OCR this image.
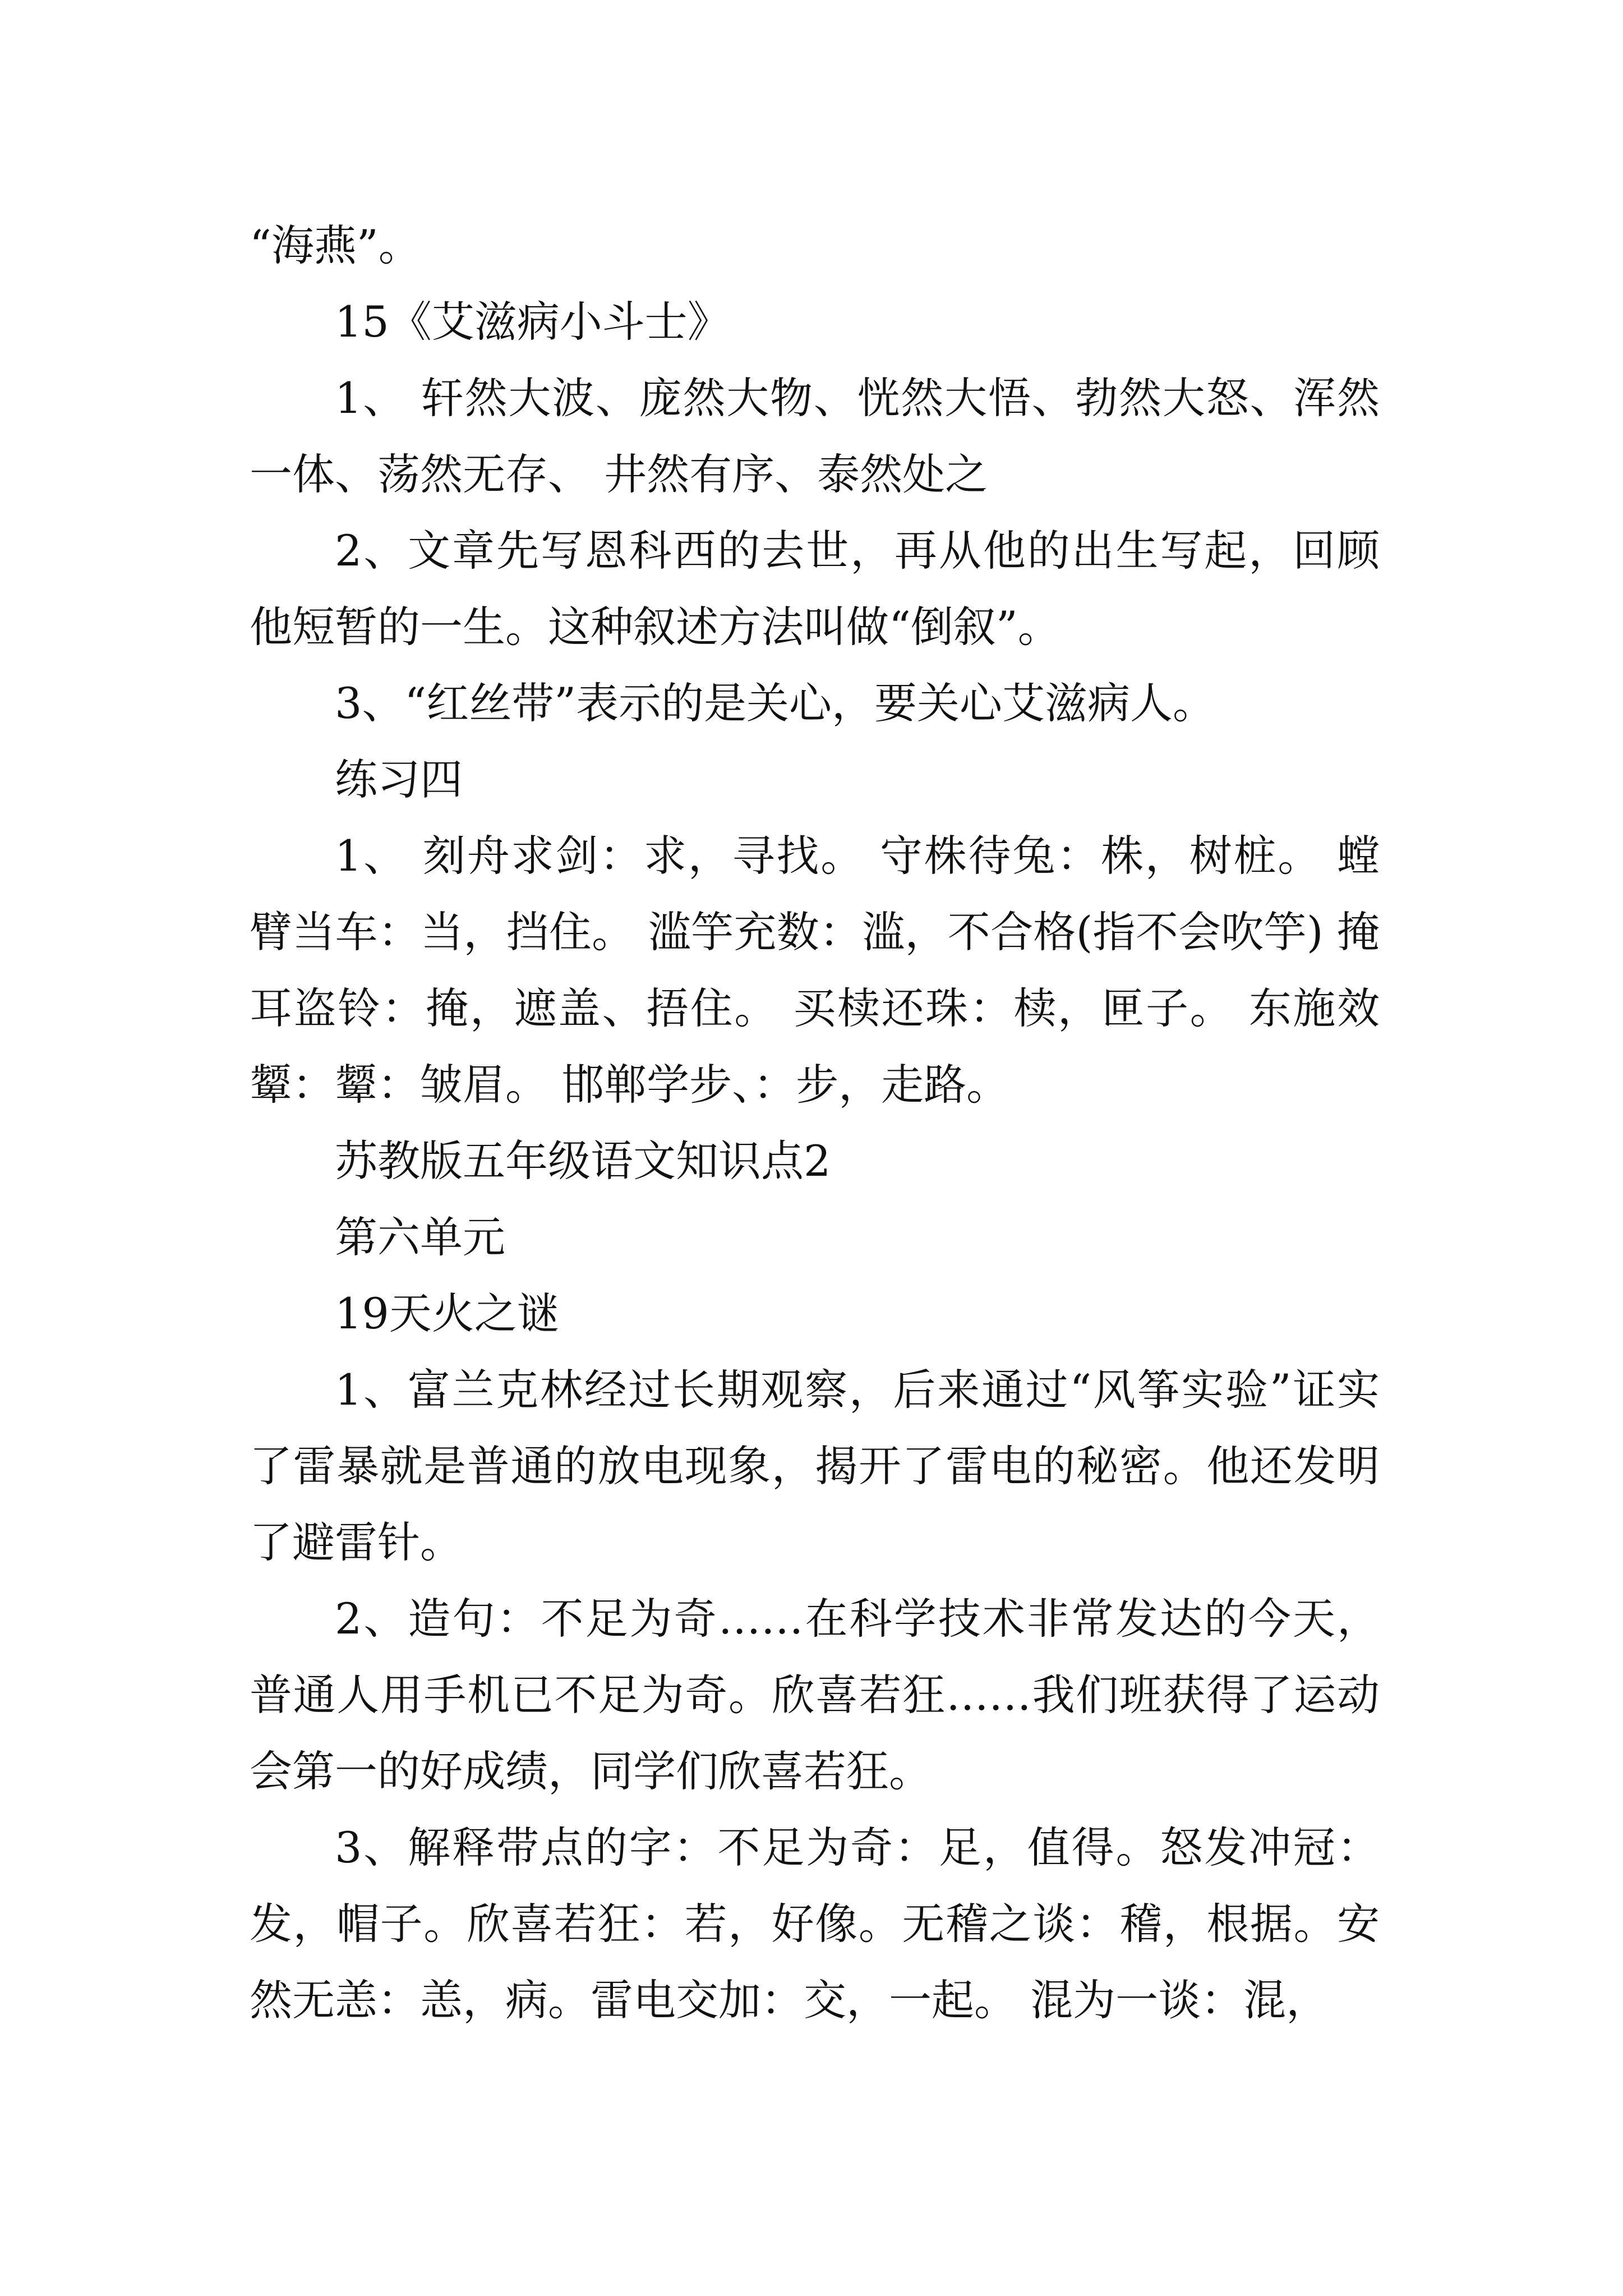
“海燕”。

15《艾滋病小斗士》

1、 轩然大波、庞然大物、恍然大悟、勃然大怒、浑然一体、荡然无存、 井然有序、泰然处之

2、文章先写恩科西的去世，再从他的出生写起，回顾他短暂的一生。这种叙述方法叫做“倒叙”。

3、“红丝带”表示的是关心，要关心艾滋病人。

练习四

1、 刻舟求剑：求，寻找。 守株待兔：株，树桩。 螳臂当车：当，挡住。 滥竽充数：滥，不合格(指不会吹竽) 掩耳盗铃：掩，遮盖、捂住。 买椟还珠：椟，匣子。 东施效颦：颦：皱眉。 邯郸学步、：步，走路。

苏教版五年级语文知识点2

第六单元

19天火之谜

1、富兰克林经过长期观察，后来通过“风筝实验”证实了雷暴就是普通的放电现象，揭开了雷电的秘密。他还发明了避雷针。

2、造句：不足为奇……在科学技术非常发达的今天，普通人用手机已不足为奇。欣喜若狂……我们班获得了运动会第一的好成绩，同学们欣喜若狂。

3、解释带点的字：不足为奇：足，值得。怒发冲冠：发，帽子。欣喜若狂：若，好像。无稽之谈：稽，根据。安然无恙：恙，病。雷电交加：交，一起。 混为一谈：混，
